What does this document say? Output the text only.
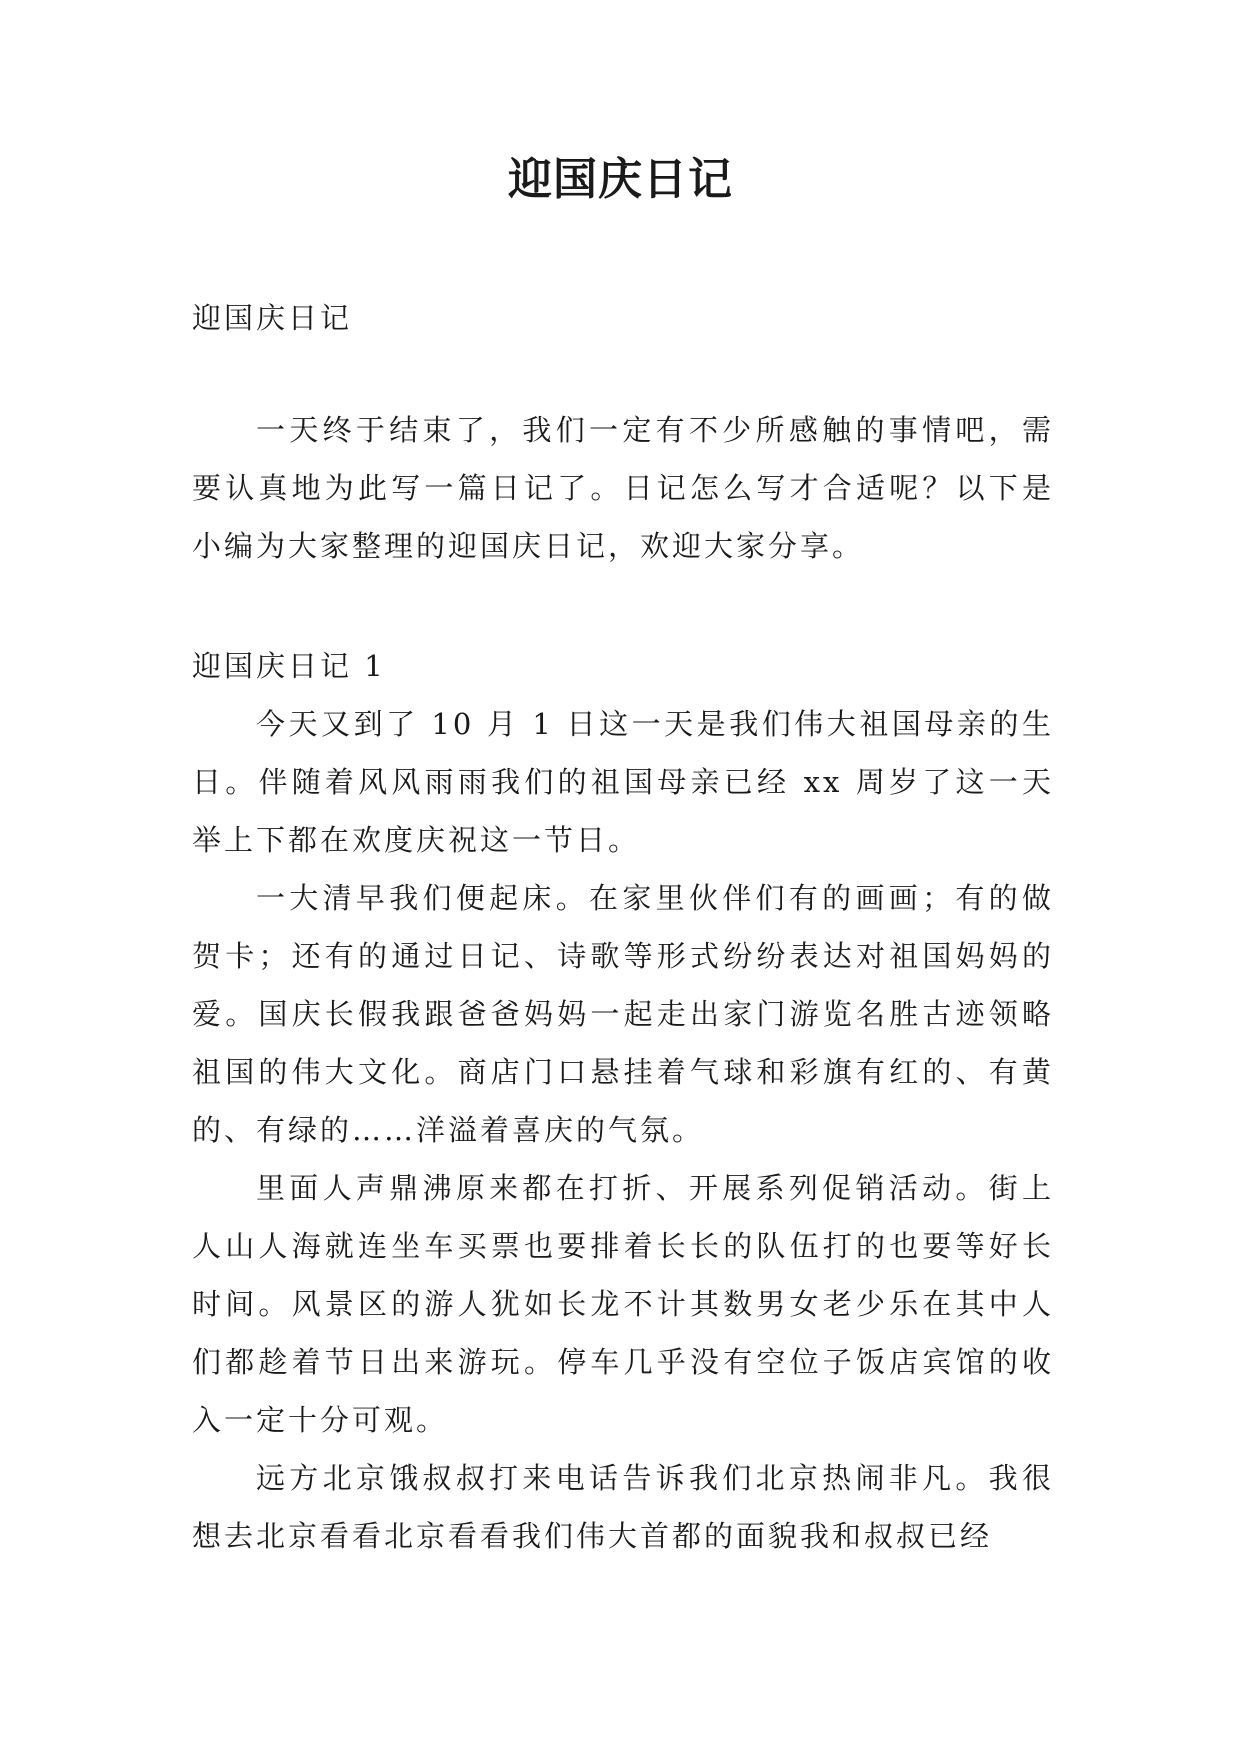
迎国庆日记

迎国庆日记

一天终于结束了，我们一定有不少所感触的事情吧，需要认真地为此写一篇日记了。日记怎么写才合适呢？以下是小编为大家整理的迎国庆日记，欢迎大家分享。

迎国庆日记 1

今天又到了 10 月 1 日这一天是我们伟大祖国母亲的生日。伴随着风风雨雨我们的祖国母亲已经 xx 周岁了这一天举上下都在欢度庆祝这一节日。

一大清早我们便起床。在家里伙伴们有的画画；有的做贺卡；还有的通过日记、诗歌等形式纷纷表达对祖国妈妈的爱。国庆长假我跟爸爸妈妈一起走出家门游览名胜古迹领略祖国的伟大文化。商店门口悬挂着气球和彩旗有红的、有黄的、有绿的……洋溢着喜庆的气氛。

里面人声鼎沸原来都在打折、开展系列促销活动。街上人山人海就连坐车买票也要排着长长的队伍打的也要等好长时间。风景区的游人犹如长龙不计其数男女老少乐在其中人们都趁着节日出来游玩。停车几乎没有空位子饭店宾馆的收入一定十分可观。

远方北京饿叔叔打来电话告诉我们北京热闹非凡。我很想去北京看看北京看看我们伟大首都的面貌我和叔叔已经
